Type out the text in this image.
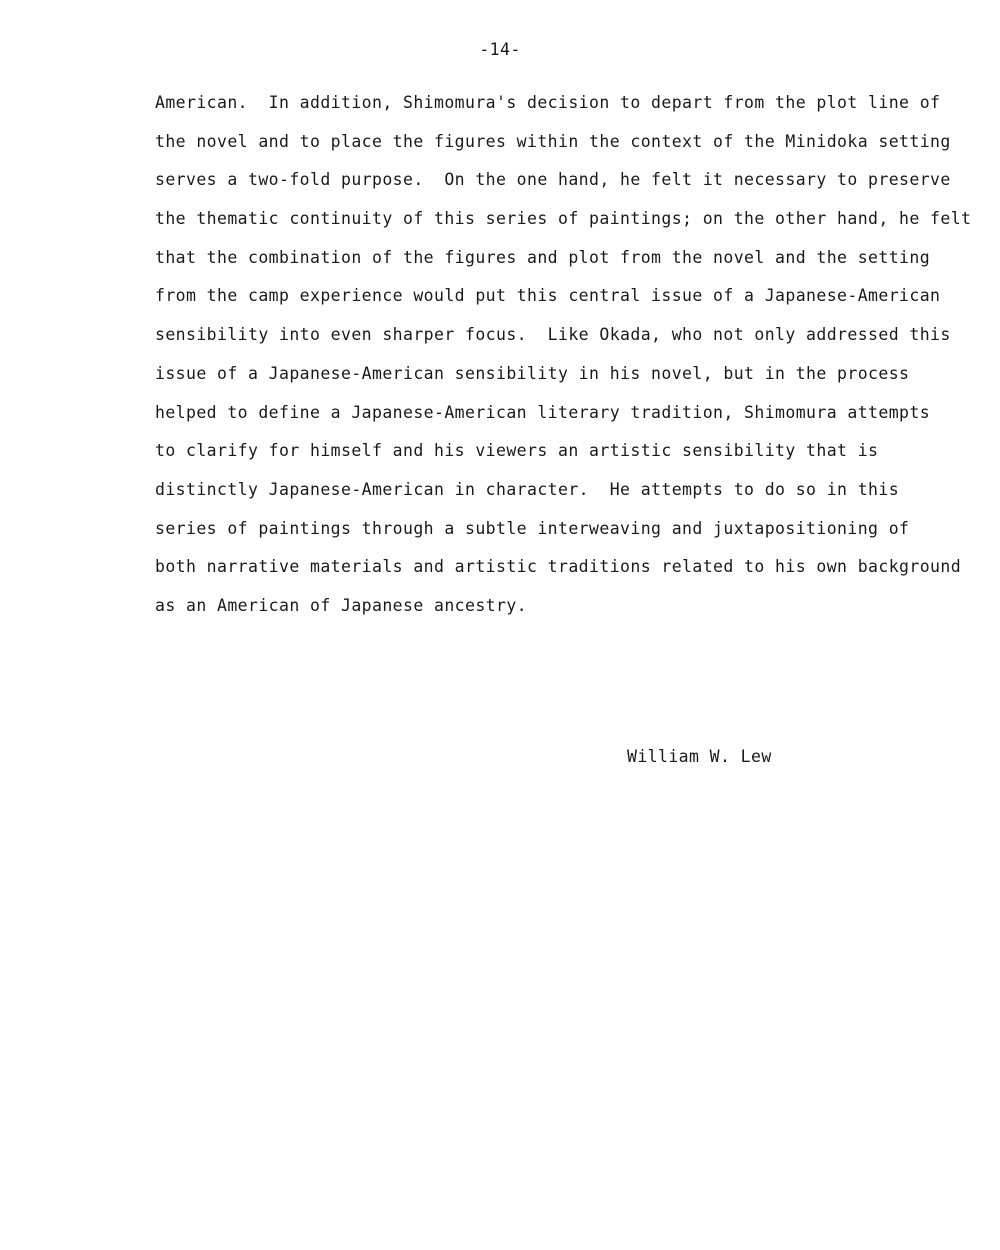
-14-
American.  In addition, Shimomura's decision to depart from the plot line of
the novel and to place the figures within the context of the Minidoka setting
serves a two-fold purpose.  On the one hand, he felt it necessary to preserve
the thematic continuity of this series of paintings; on the other hand, he felt
that the combination of the figures and plot from the novel and the setting
from the camp experience would put this central issue of a Japanese-American
sensibility into even sharper focus.  Like Okada, who not only addressed this
issue of a Japanese-American sensibility in his novel, but in the process
helped to define a Japanese-American literary tradition, Shimomura attempts
to clarify for himself and his viewers an artistic sensibility that is
distinctly Japanese-American in character.  He attempts to do so in this
series of paintings through a subtle interweaving and juxtapositioning of
both narrative materials and artistic traditions related to his own background
as an American of Japanese ancestry.
William W. Lew
